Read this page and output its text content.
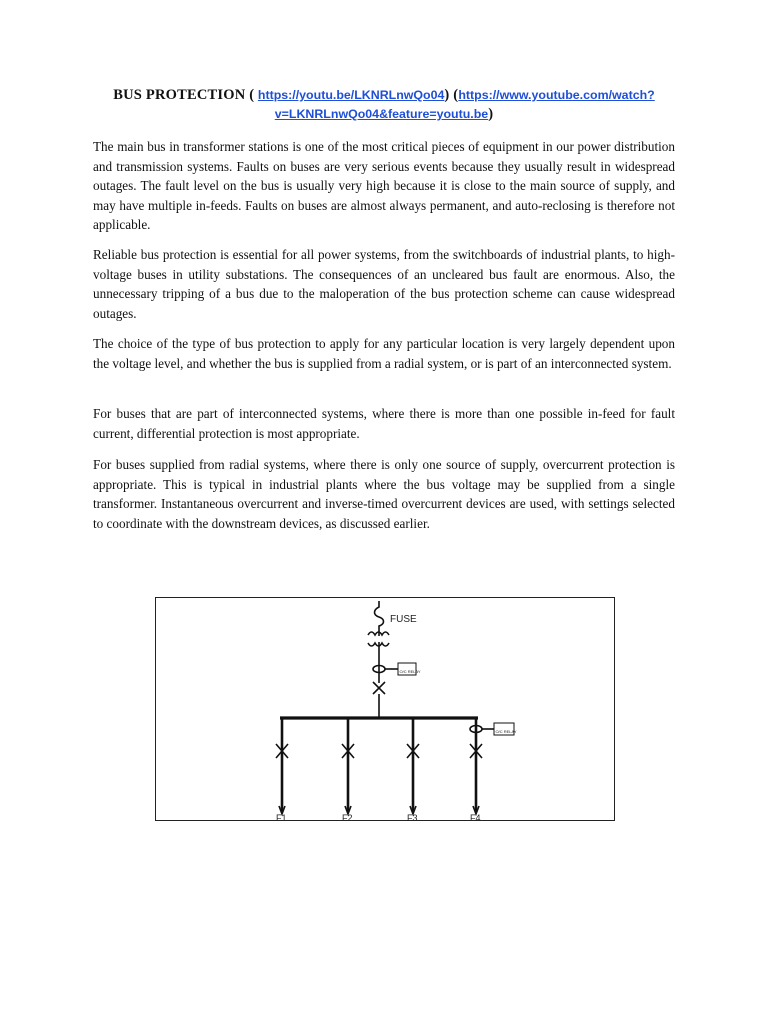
BUS PROTECTION ( https://youtu.be/LKNRLnwQo04) (https://www.youtube.com/watch?
v=LKNRLnwQo04&feature=youtu.be)

The main bus in transformer stations is one of the most critical pieces of equipment in our power distribution and transmission systems. Faults on buses are very serious events because they usually result in widespread outages. The fault level on the bus is usually very high because it is close to the main source of supply, and may have multiple in-feeds. Faults on buses are almost always permanent, and auto-reclosing is therefore not applicable.

Reliable bus protection is essential for all power systems, from the switchboards of industrial plants, to high-voltage buses in utility substations. The consequences of an uncleared bus fault are enormous. Also, the unnecessary tripping of a bus due to the maloperation of the bus protection scheme can cause widespread outages.

The choice of the type of bus protection to apply for any particular location is very largely dependent upon the voltage level, and whether the bus is supplied from a radial system, or is part of an interconnected system.

For buses that are part of interconnected systems, where there is more than one possible in-feed for fault current, differential protection is most appropriate.

For buses supplied from radial systems, where there is only one source of supply, overcurrent protection is appropriate. This is typical in industrial plants where the bus voltage may be supplied from a single transformer. Instantaneous overcurrent and inverse-timed overcurrent devices are used, with settings selected to coordinate with the downstream devices, as discussed earlier.

FUSE
O/C RELAY
O/C RELAY
F1	F2	F3	F4
